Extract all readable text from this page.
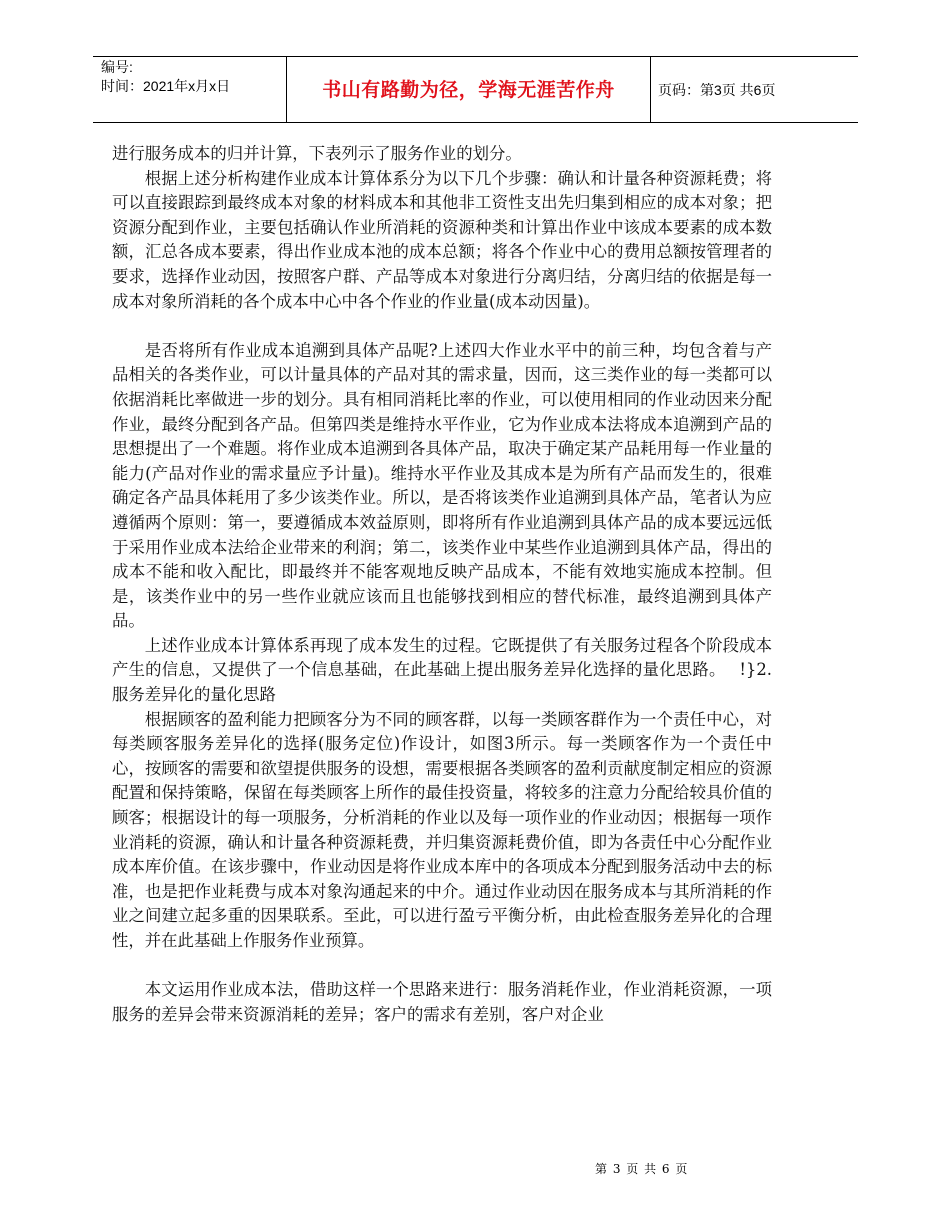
编号:
时间：2021年x月x日	书山有路勤为径，学海无涯苦作舟	页码：第3页 共6页

进行服务成本的归并计算，下表列示了服务作业的划分。

根据上述分析构建作业成本计算体系分为以下几个步骤：确认和计量各种资源耗费；将可以直接跟踪到最终成本对象的材料成本和其他非工资性支出先归集到相应的成本对象；把资源分配到作业，主要包括确认作业所消耗的资源种类和计算出作业中该成本要素的成本数额，汇总各成本要素，得出作业成本池的成本总额；将各个作业中心的费用总额按管理者的要求，选择作业动因，按照客户群、产品等成本对象进行分离归结，分离归结的依据是每一成本对象所消耗的各个成本中心中各个作业的作业量(成本动因量)。

是否将所有作业成本追溯到具体产品呢?上述四大作业水平中的前三种，均包含着与产品相关的各类作业，可以计量具体的产品对其的需求量，因而，这三类作业的每一类都可以依据消耗比率做进一步的划分。具有相同消耗比率的作业，可以使用相同的作业动因来分配作业，最终分配到各产品。但第四类是维持水平作业，它为作业成本法将成本追溯到产品的思想提出了一个难题。将作业成本追溯到各具体产品，取决于确定某产品耗用每一作业量的能力(产品对作业的需求量应予计量)。维持水平作业及其成本是为所有产品而发生的，很难确定各产品具体耗用了多少该类作业。所以，是否将该类作业追溯到具体产品，笔者认为应遵循两个原则：第一，要遵循成本效益原则，即将所有作业追溯到具体产品的成本要远远低于采用作业成本法给企业带来的利润；第二，该类作业中某些作业追溯到具体产品，得出的成本不能和收入配比，即最终并不能客观地反映产品成本，不能有效地实施成本控制。但是，该类作业中的另一些作业就应该而且也能够找到相应的替代标准，最终追溯到具体产品。

上述作业成本计算体系再现了成本发生的过程。它既提供了有关服务过程各个阶段成本产生的信息，又提供了一个信息基础，在此基础上提出服务差异化选择的量化思路。　 !}2.服务差异化的量化思路

根据顾客的盈利能力把顾客分为不同的顾客群，以每一类顾客群作为一个责任中心，对每类顾客服务差异化的选择(服务定位)作设计，如图3所示。每一类顾客作为一个责任中心，按顾客的需要和欲望提供服务的设想，需要根据各类顾客的盈利贡献度制定相应的资源配置和保持策略，保留在每类顾客上所作的最佳投资量，将较多的注意力分配给较具价值的顾客；根据设计的每一项服务，分析消耗的作业以及每一项作业的作业动因；根据每一项作业消耗的资源，确认和计量各种资源耗费，并归集资源耗费价值，即为各责任中心分配作业成本库价值。在该步骤中，作业动因是将作业成本库中的各项成本分配到服务活动中去的标准，也是把作业耗费与成本对象沟通起来的中介。通过作业动因在服务成本与其所消耗的作业之间建立起多重的因果联系。至此，可以进行盈亏平衡分析，由此检查服务差异化的合理性，并在此基础上作服务作业预算。

本文运用作业成本法，借助这样一个思路来进行：服务消耗作业，作业消耗资源，一项服务的差异会带来资源消耗的差异；客户的需求有差别，客户对企业

第 3 页 共 6 页
